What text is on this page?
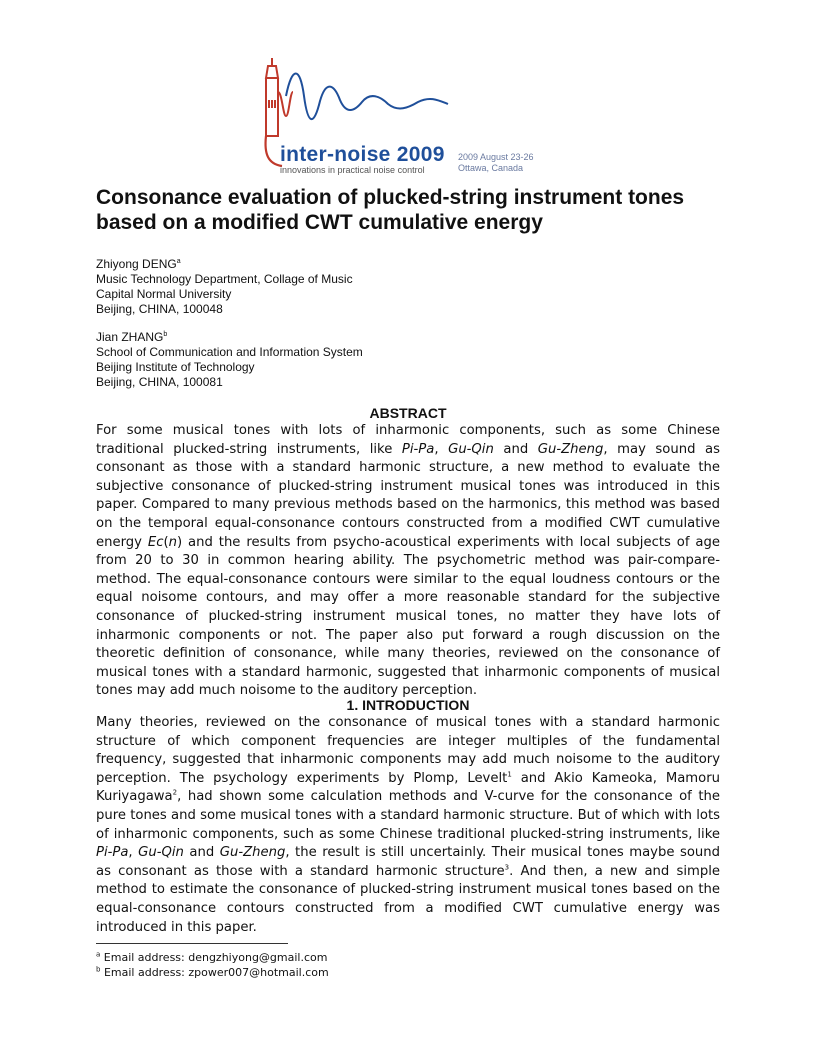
inter-noise 2009
innovations in practical noise control
2009 August 23-26
Ottawa, Canada
Consonance evaluation of plucked-string instrument tones based on a modified CWT cumulative energy
Zhiyong DENG$^a$
Music Technology Department, Collage of Music
Capital Normal University
Beijing, CHINA, 100048
Jian ZHANG$^b$
School of Communication and Information System
Beijing Institute of Technology
Beijing, CHINA, 100081
ABSTRACT
For some musical tones with lots of inharmonic components, such as some Chinese traditional plucked-string instruments, like Pi-Pa, Gu-Qin and Gu-Zheng, may sound as consonant as those with a standard harmonic structure, a new method to evaluate the subjective consonance of plucked-string instrument musical tones was introduced in this paper. Compared to many previous methods based on the harmonics, this method was based on the temporal equal-consonance contours constructed from a modified CWT cumulative energy Ec(n) and the results from psycho-acoustical experiments with local subjects of age from 20 to 30 in common hearing ability. The psychometric method was pair-compare-method. The equal-consonance contours were similar to the equal loudness contours or the equal noisome contours, and may offer a more reasonable standard for the subjective consonance of plucked-string instrument musical tones, no matter they have lots of inharmonic components or not. The paper also put forward a rough discussion on the theoretic definition of consonance, while many theories, reviewed on the consonance of musical tones with a standard harmonic, suggested that inharmonic components of musical tones may add much noisome to the auditory perception.
1. INTRODUCTION
Many theories, reviewed on the consonance of musical tones with a standard harmonic structure of which component frequencies are integer multiples of the fundamental frequency, suggested that inharmonic components may add much noisome to the auditory perception. The psychology experiments by Plomp, Levelt$^1$ and Akio Kameoka, Mamoru Kuriyagawa$^2$, had shown some calculation methods and V-curve for the consonance of the pure tones and some musical tones with a standard harmonic structure. But of which with lots of inharmonic components, such as some Chinese traditional plucked-string instruments, like Pi-Pa, Gu-Qin and Gu-Zheng, the result is still uncertainly. Their musical tones maybe sound as consonant as those with a standard harmonic structure$^3$. And then, a new and simple method to estimate the consonance of plucked-string instrument musical tones based on the equal-consonance contours constructed from a modified CWT cumulative energy was introduced in this paper.
$^a$ Email address: dengzhiyong@gmail.com
$^b$ Email address: zpower007@hotmail.com
